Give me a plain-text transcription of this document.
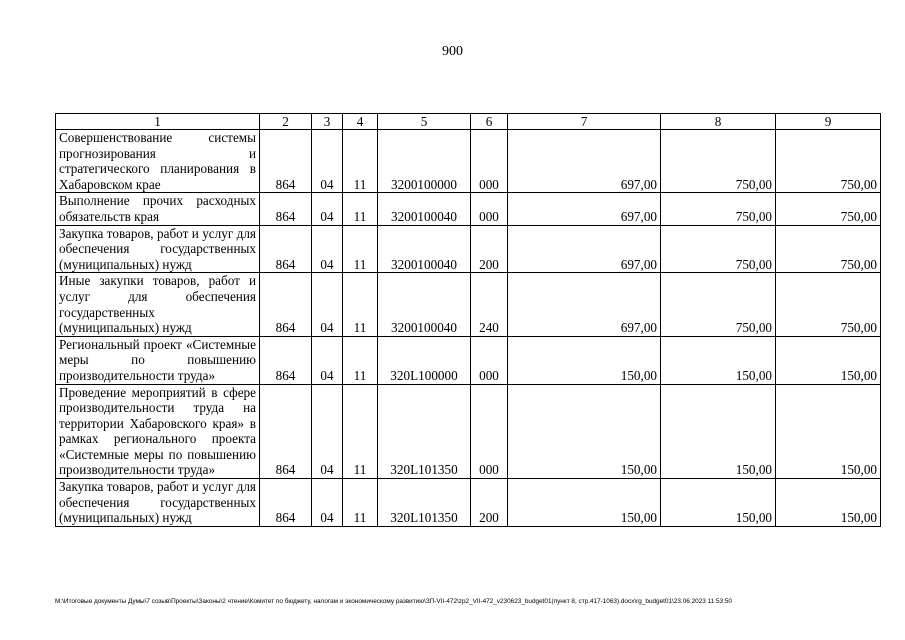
900
1	2	3	4	5	6	7	8	9
Совершенствование системы прогнозирования и стратегического планирования в Хабаровском крае	864	04	11	3200100000	000	697,00	750,00	750,00
Выполнение прочих расходных обязательств края	864	04	11	3200100040	000	697,00	750,00	750,00
Закупка товаров, работ и услуг для обеспечения государственных (муниципальных) нужд	864	04	11	3200100040	200	697,00	750,00	750,00
Иные закупки товаров, работ и услуг для обеспечения государственных (муниципальных) нужд	864	04	11	3200100040	240	697,00	750,00	750,00
Региональный проект «Системные меры по повышению производительности труда»	864	04	11	320L100000	000	150,00	150,00	150,00
Проведение мероприятий в сфере производительности труда на территории Хабаровского края» в рамках регионального проекта «Системные меры по повышению производительности труда»	864	04	11	320L101350	000	150,00	150,00	150,00
Закупка товаров, работ и услуг для обеспечения государственных (муниципальных) нужд	864	04	11	320L101350	200	150,00	150,00	150,00
M:\Итоговые документы Думы\7 созыв\Проекты\Законы\2 чтение\Комитет по бюджету, налогам и экономическому развитию\ЗП-VII-472\zp2_VII-472_v230623_budget01(пункт 8, стр.417-1063).docx\rg_budget01\23.06.2023 11:53:50
